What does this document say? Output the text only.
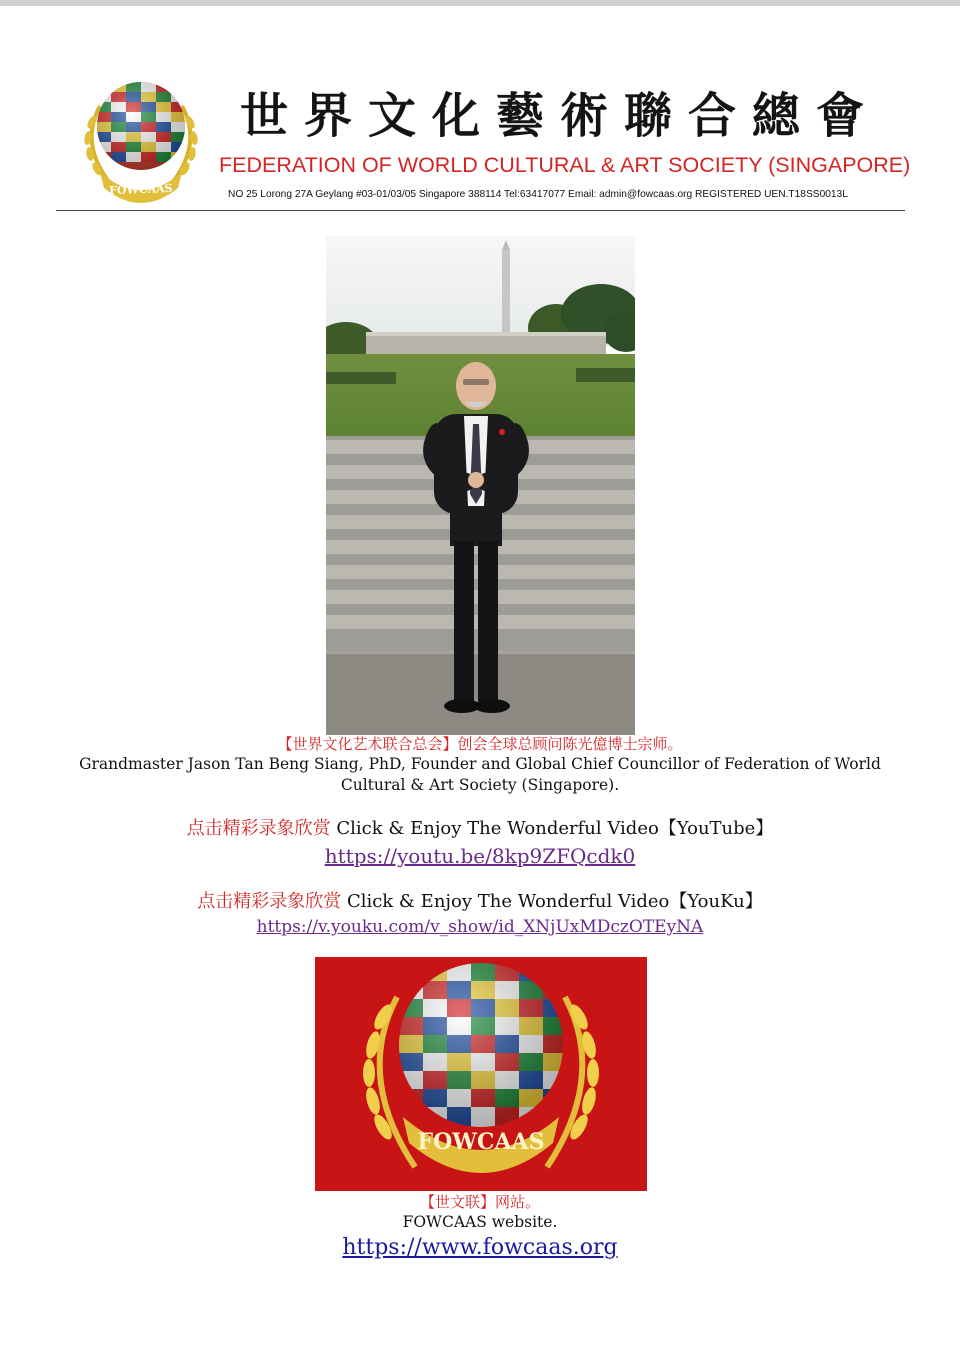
FOWCAAS
世界文化藝術聯合總會
FEDERATION OF WORLD CULTURAL & ART SOCIETY (SINGAPORE)
NO 25 Lorong 27A Geylang #03-01/03/05 Singapore 388114 Tel:63417077 Email: admin@fowcaas.org REGISTERED UEN.T18SS0013L
【世界文化艺术联合总会】创会全球总顾问陈光億博士宗师。
Grandmaster Jason Tan Beng Siang, PhD, Founder and Global Chief Councillor of Federation of World Cultural & Art Society (Singapore).
点击精彩录象欣赏 Click & Enjoy The Wonderful Video【YouTube】
https://youtu.be/8kp9ZFQcdk0
点击精彩录象欣赏 Click & Enjoy The Wonderful Video【YouKu】
https://v.youku.com/v_show/id_XNjUxMDczOTEyNA
FOWCAAS
【世文联】网站。
FOWCAAS website.
https://www.fowcaas.org
